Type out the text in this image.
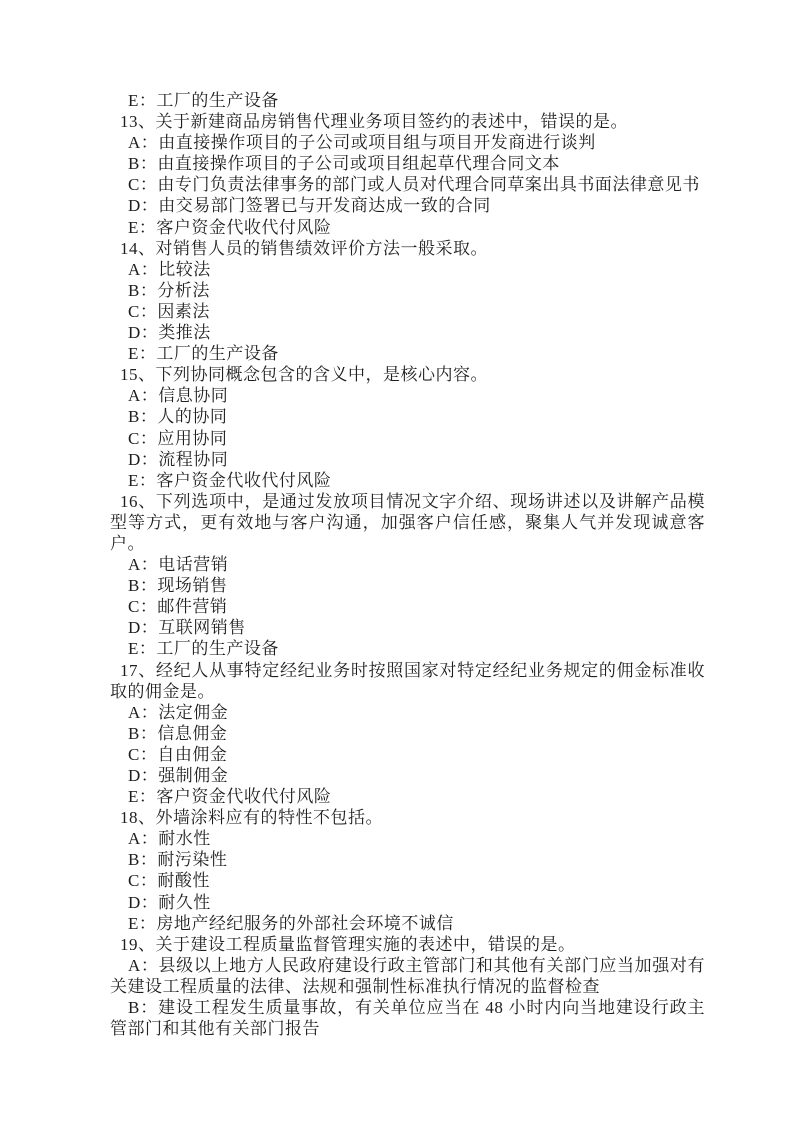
E：工厂的生产设备

13、关于新建商品房销售代理业务项目签约的表述中，错误的是。

A：由直接操作项目的子公司或项目组与项目开发商进行谈判

B：由直接操作项目的子公司或项目组起草代理合同文本

C：由专门负责法律事务的部门或人员对代理合同草案出具书面法律意见书

D：由交易部门签署已与开发商达成一致的合同

E：客户资金代收代付风险

14、对销售人员的销售绩效评价方法一般采取。

A：比较法

B：分析法

C：因素法

D：类推法

E：工厂的生产设备

15、下列协同概念包含的含义中，是核心内容。

A：信息协同

B：人的协同

C：应用协同

D：流程协同

E：客户资金代收代付风险

16、下列选项中，是通过发放项目情况文字介绍、现场讲述以及讲解产品模型等方式，更有效地与客户沟通，加强客户信任感，聚集人气并发现诚意客户。

A：电话营销

B：现场销售

C：邮件营销

D：互联网销售

E：工厂的生产设备

17、经纪人从事特定经纪业务时按照国家对特定经纪业务规定的佣金标准收取的佣金是。

A：法定佣金

B：信息佣金

C：自由佣金

D：强制佣金

E：客户资金代收代付风险

18、外墙涂料应有的特性不包括。

A：耐水性

B：耐污染性

C：耐酸性

D：耐久性

E：房地产经纪服务的外部社会环境不诚信

19、关于建设工程质量监督管理实施的表述中，错误的是。

A：县级以上地方人民政府建设行政主管部门和其他有关部门应当加强对有关建设工程质量的法律、法规和强制性标准执行情况的监督检查

B：建设工程发生质量事故，有关单位应当在 48 小时内向当地建设行政主管部门和其他有关部门报告
